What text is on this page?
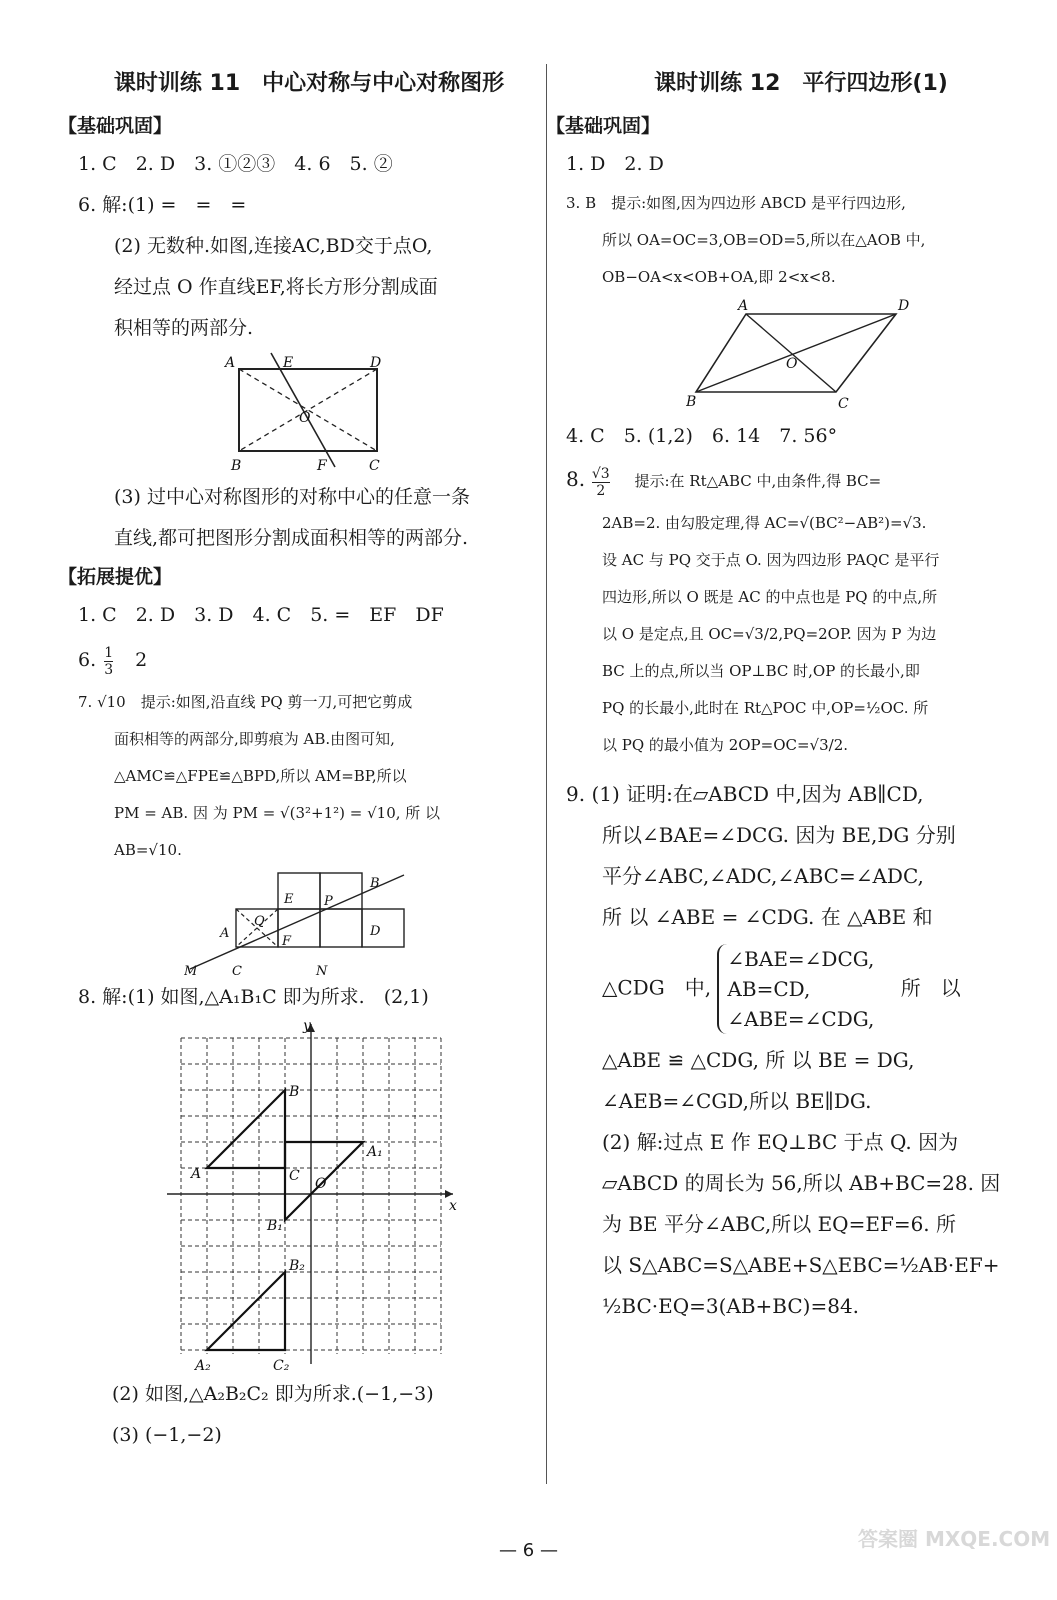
课时训练 11　中心对称与中心对称图形
【基础巩固】
1. C　2. D　3. ①②③　4. 6　5. ②
6. 解:(1) =　=　=
(2) 无数种.如图,连接AC,BD交于点O,
经过点 O 作直线EF,将长方形分割成面
积相等的两部分.
A	E	D
O
B	F	C
(3) 过中心对称图形的对称中心的任意一条
直线,都可把图形分割成面积相等的两部分.
【拓展提优】
1. C　2. D　3. D　4. C　5. =　EF　DF
6. $\frac{1}{3} 2$
7. √10　提示:如图,沿直线 PQ 剪一刀,可把它剪成
面积相等的两部分,即剪痕为 AB.由图可知,
△AMC≌△FPE≌△BPD,所以 AM=BP,所以
PM = AB. 因 为 PM = √(3²+1²) = √10, 所 以
AB=√10.
M	C	N
A
Q
E P
F
D
B
8. 解:(1) 如图,△A₁B₁C 即为所求.　(2,1)
y
x
A
B
C O
A₁
B₁
B₂
A₂	C₂
(2) 如图,△A₂B₂C₂ 即为所求.(−1,−3)
(3) (−1,−2)
课时训练 12　平行四边形(1)
【基础巩固】
1. D　2. D
3. B　提示:如图,因为四边形 ABCD 是平行四边形,
所以 OA=OC=3,OB=OD=5,所以在△AOB 中,
OB−OA<x<OB+OA,即 2<x<8.
A	D
O
B	C
4. C　5. (1,2)　6. 14　7. 56°
8. $\frac{√3}{2}$ 提示:在 Rt△ABC 中,由条件,得 BC=
2AB=2. 由勾股定理,得 AC=√(BC²−AB²)=√3.
设 AC 与 PQ 交于点 O. 因为四边形 PAQC 是平行
四边形,所以 O 既是 AC 的中点也是 PQ 的中点,所
以 O 是定点,且 OC=√3/2,PQ=2OP. 因为 P 为边
BC 上的点,所以当 OP⊥BC 时,OP 的长最小,即
PQ 的长最小,此时在 Rt△POC 中,OP=½OC. 所
以 PQ 的最小值为 2OP=OC=√3/2.
9. (1) 证明:在▱ABCD 中,因为 AB∥CD,
所以∠BAE=∠DCG. 因为 BE,DG 分别
平分∠ABC,∠ADC,∠ABC=∠ADC,
所 以 ∠ABE = ∠CDG. 在 △ABE 和
△CDG　中,
∠BAE=∠DCG,
AB=CD,
∠ABE=∠CDG,
所　以
△ABE ≌ △CDG, 所 以 BE = DG,
∠AEB=∠CGD,所以 BE∥DG.
(2) 解:过点 E 作 EQ⊥BC 于点 Q. 因为
▱ABCD 的周长为 56,所以 AB+BC=28. 因
为 BE 平分∠ABC,所以 EQ=EF=6. 所
以 S△ABC=S△ABE+S△EBC=½AB·EF+
½BC·EQ=3(AB+BC)=84.
— 6 —	答案圈 MXQE.COM
